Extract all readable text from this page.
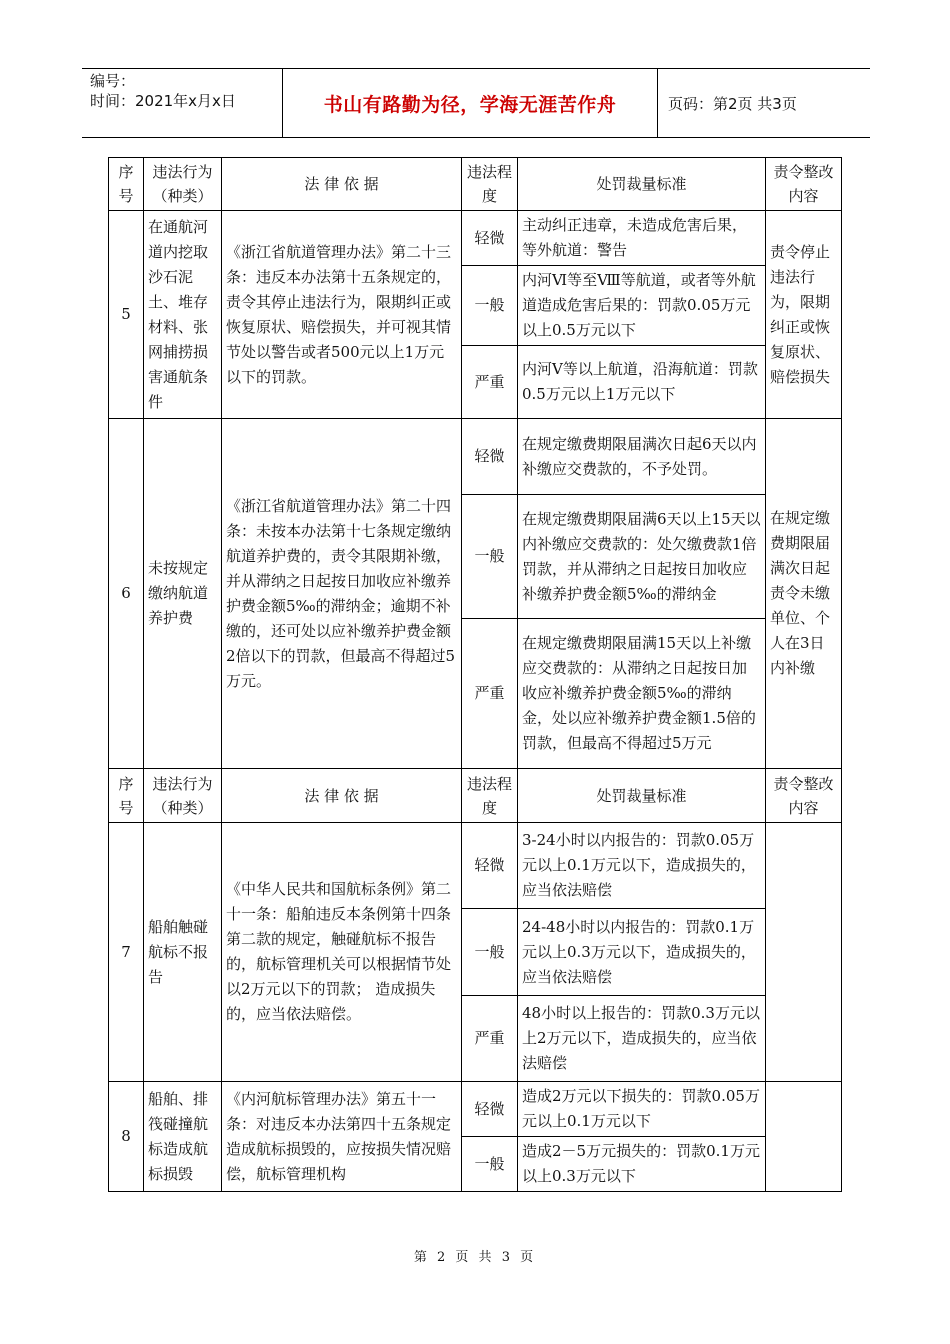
编号：
时间：2021年x月x日	书山有路勤为径，学海无涯苦作舟	页码：第2页 共3页
序号	违法行为（种类）	法 律 依 据	违法程度	处罚裁量标准	责令整改内容
5	在通航河道内挖取沙石泥土、堆存材料、张网捕捞损害通航条件	《浙江省航道管理办法》第二十三条：违反本办法第十五条规定的，责令其停止违法行为，限期纠正或恢复原状、赔偿损失，并可视其情节处以警告或者500元以上1万元以下的罚款。	轻微	主动纠正违章，未造成危害后果，等外航道：警告	责令停止违法行为，限期纠正或恢复原状、赔偿损失
			一般	内河Ⅵ等至Ⅷ等航道，或者等外航道造成危害后果的：罚款0.05万元以上0.5万元以下	
			严重	内河Ⅴ等以上航道，沿海航道：罚款0.5万元以上1万元以下	
6	未按规定缴纳航道养护费	《浙江省航道管理办法》第二十四条：未按本办法第十七条规定缴纳航道养护费的，责令其限期补缴，并从滞纳之日起按日加收应补缴养护费金额5‰的滞纳金；逾期不补缴的，还可处以应补缴养护费金额2倍以下的罚款，但最高不得超过5万元。	轻微	在规定缴费期限届满次日起6天以内补缴应交费款的，不予处罚。	在规定缴费期限届满次日起责令未缴单位、个人在3日内补缴
			一般	在规定缴费期限届满6天以上15天以内补缴应交费款的：处欠缴费款1倍罚款，并从滞纳之日起按日加收应补缴养护费金额5‰的滞纳金	
			严重	在规定缴费期限届满15天以上补缴应交费款的：从滞纳之日起按日加收应补缴养护费金额5‰的滞纳金，处以应补缴养护费金额1.5倍的罚款，但最高不得超过5万元	
序号	违法行为（种类）	法 律 依 据	违法程度	处罚裁量标准	责令整改内容
7	船舶触碰航标不报告	《中华人民共和国航标条例》第二十一条：船舶违反本条例第十四条第二款的规定，触碰航标不报告的，航标管理机关可以根据情节处以2万元以下的罚款； 造成损失的，应当依法赔偿。	轻微	3-24小时以内报告的：罚款0.05万元以上0.1万元以下，造成损失的，应当依法赔偿	
			一般	24-48小时以内报告的：罚款0.1万元以上0.3万元以下，造成损失的，应当依法赔偿	
			严重	48小时以上报告的：罚款0.3万元以上2万元以下，造成损失的，应当依法赔偿	
8	船舶、排筏碰撞航标造成航标损毁	《内河航标管理办法》第五十一条：对违反本办法第四十五条规定造成航标损毁的，应按损失情况赔偿，航标管理机构	轻微	造成2万元以下损失的：罚款0.05万元以上0.1万元以下	
			一般	造成2－5万元损失的：罚款0.1万元以上0.3万元以下	
第 2 页 共 3 页
